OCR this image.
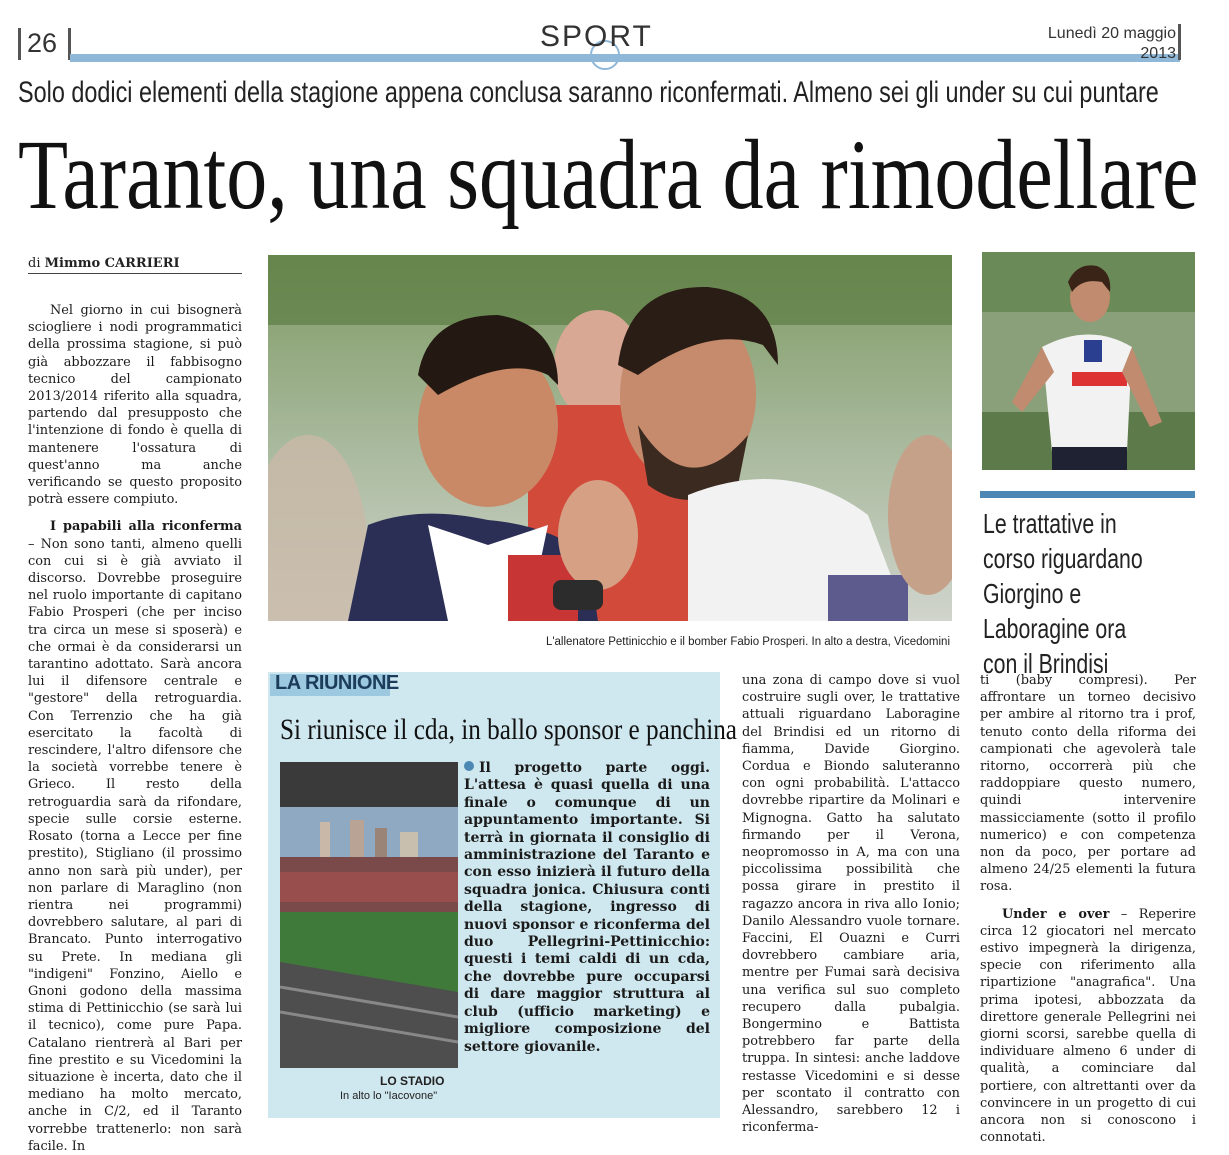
26	SPORT	Lunedì 20 maggio
2013
Solo dodici elementi della stagione appena conclusa saranno riconfermati. Almeno sei gli under su cui puntare
Taranto, una squadra da rimodellare
di Mimmo CARRIERI

Nel giorno in cui bisognerà sciogliere i nodi programmatici della prossima stagione, si può già abbozzare il fabbisogno tecnico del campionato 2013/2014 riferito alla squadra, partendo dal presupposto che l'intenzione di fondo è quella di mantenere l'ossatura di quest'anno ma anche verificando se questo proposito potrà essere compiuto.

I papabili alla riconferma – Non sono tanti, almeno quelli con cui si è già avviato il discorso. Dovrebbe proseguire nel ruolo importante di capitano Fabio Prosperi (che per inciso tra circa un mese si sposerà) e che ormai è da considerarsi un tarantino adottato. Sarà ancora lui il difensore centrale e "gestore" della retroguardia. Con Terrenzio che ha già esercitato la facoltà di rescindere, l'altro difensore che la società vorrebbe tenere è Grieco. Il resto della retroguardia sarà da rifondare, specie sulle corsie esterne. Rosato (torna a Lecce per fine prestito), Stigliano (il prossimo anno non sarà più under), per non parlare di Maraglino (non rientra nei programmi) dovrebbero salutare, al pari di Brancato. Punto interrogativo su Prete. In mediana gli "indigeni" Fonzino, Aiello e Gnoni godono della massima stima di Pettinicchio (se sarà lui il tecnico), come pure Papa. Catalano rientrerà al Bari per fine prestito e su Vicedomini la situazione è incerta, dato che il mediano ha molto mercato, anche in C/2, ed il Taranto vorrebbe trattenerlo: non sarà facile. In

L'allenatore Pettinicchio e il bomber Fabio Prosperi. In alto a destra, Vicedomini
Le trattative in corso riguardano Giorgino e Laboragine ora con il Brindisi
LA RIUNIONE
Si riunisce il cda, in ballo sponsor e panchina
LO STADIO
In alto lo "Iacovone"
Il progetto parte oggi. L'attesa è quasi quella di una finale o comunque di un appuntamento importante. Si terrà in giornata il consiglio di amministrazione del Taranto e con esso inizierà il futuro della squadra jonica. Chiusura conti della stagione, ingresso di nuovi sponsor e riconferma del duo Pellegrini-Pettinicchio: questi i temi caldi di un cda, che dovrebbe pure occuparsi di dare maggior struttura al club (ufficio marketing) e migliore composizione del settore giovanile.

una zona di campo dove si vuol costruire sugli over, le trattative attuali riguardano Laboragine del Brindisi ed un ritorno di fiamma, Davide Giorgino. Cordua e Biondo saluteranno con ogni probabilità. L'attacco dovrebbe ripartire da Molinari e Mignogna. Gatto ha salutato firmando per il Verona, neopromosso in A, ma con una piccolissima possibilità che possa girare in prestito il ragazzo ancora in riva allo Ionio; Danilo Alessandro vuole tornare. Faccini, El Ouazni e Curri dovrebbero cambiare aria, mentre per Fumai sarà decisiva una verifica sul suo completo recupero dalla pubalgia. Bongermino e Battista potrebbero far parte della truppa. In sintesi: anche laddove restasse Vicedomini e si desse per scontato il contratto con Alessandro, sarebbero 12 i riconferma-

ti (baby compresi). Per affrontare un torneo decisivo per ambire al ritorno tra i prof, tenuto conto della riforma dei campionati che agevolerà tale ritorno, occorrerà più che raddoppiare questo numero, quindi intervenire massicciamente (sotto il profilo numerico) e con competenza non da poco, per portare ad almeno 24/25 elementi la futura rosa.

Under e over – Reperire circa 12 giocatori nel mercato estivo impegnerà la dirigenza, specie con riferimento alla ripartizione "anagrafica". Una prima ipotesi, abbozzata da direttore generale Pellegrini nei giorni scorsi, sarebbe quella di individuare almeno 6 under di qualità, a cominciare dal portiere, con altrettanti over da convincere in un progetto di cui ancora non si conoscono i connotati.
